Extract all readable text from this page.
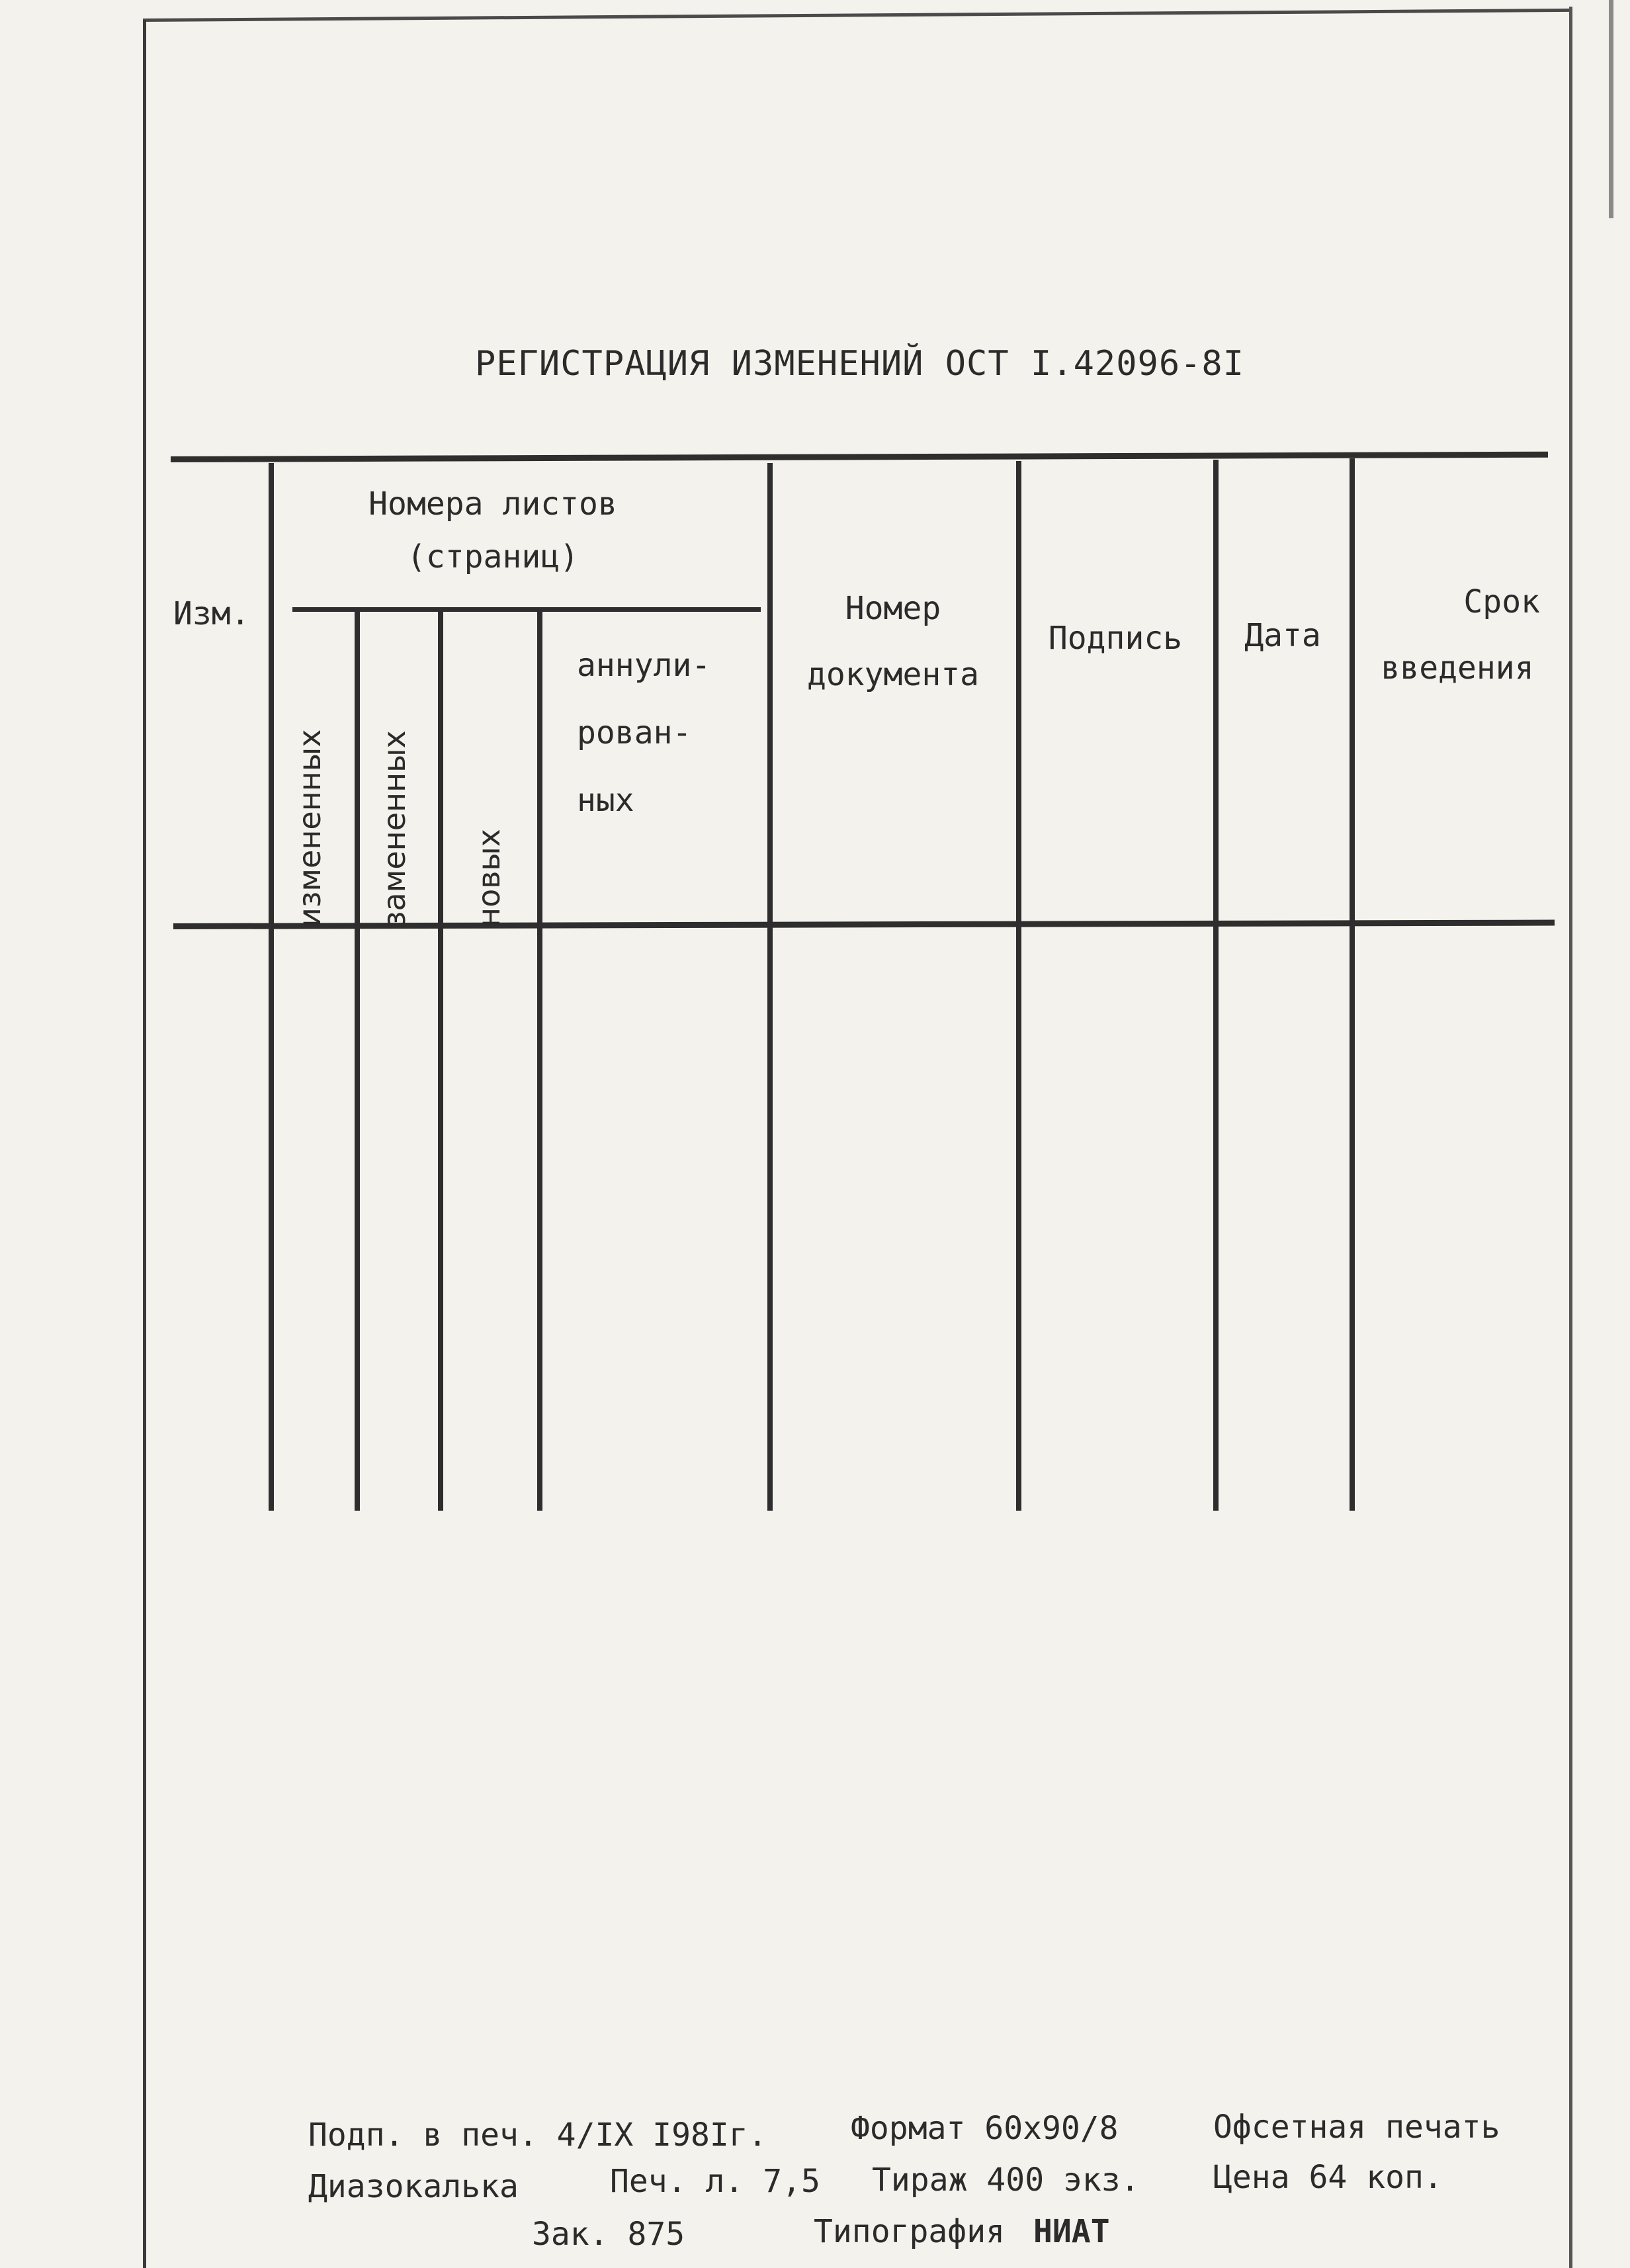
РЕГИСТРАЦИЯ ИЗМЕНЕНИЙ ОСТ I.42096-8I
Изм.
Номера листов
(страниц)
измененных замененных новых
аннули-
рован-
ных
Номер
документа
Подпись	Дата
Срок
введения
Подп. в печ. 4/IX I98Iг.	Формат 60х90/8	Офсетная печать
Диазокалька	Печ. л. 7,5 Тираж 400 экз. Цена 64 коп.
Зак. 875	Типография НИАТ
